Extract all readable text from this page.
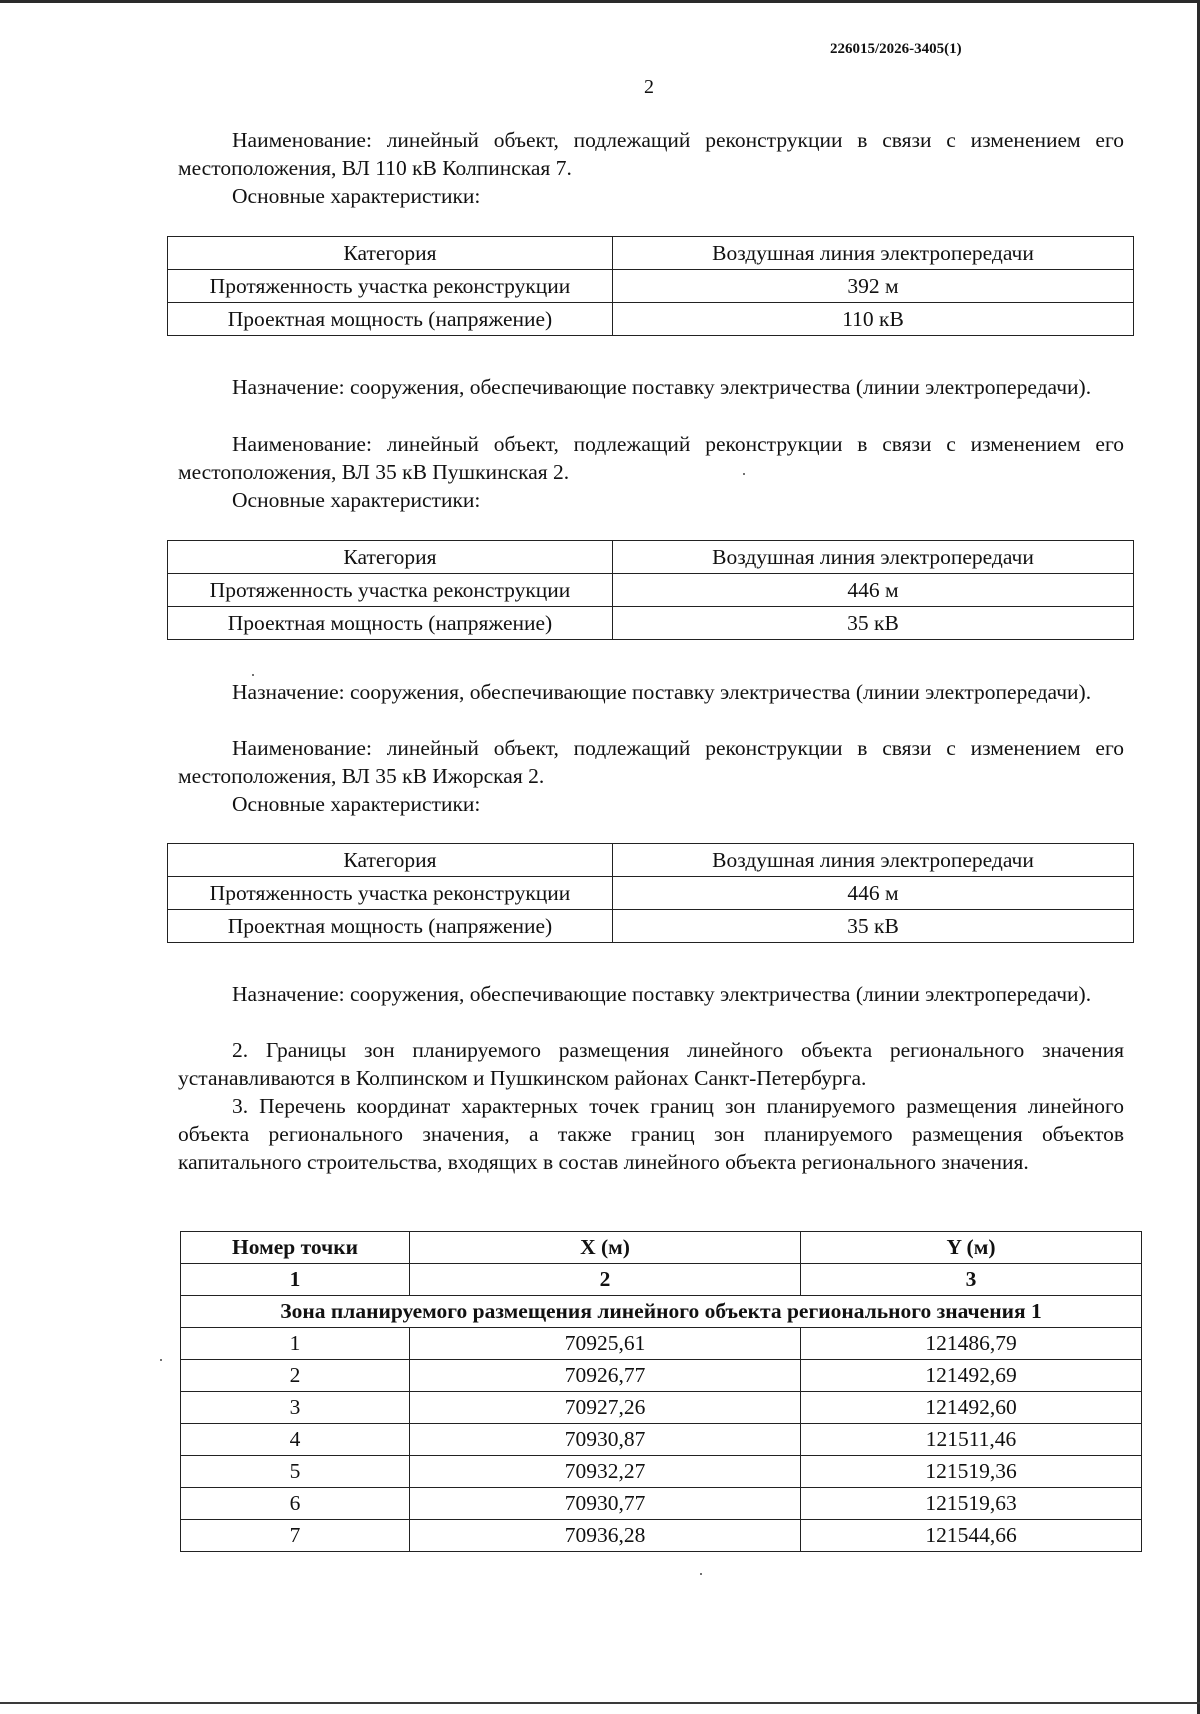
226015/2026-3405(1)
2

Наименование: линейный объект, подлежащий реконструкции в связи с изменением его местоположения, ВЛ 110 кВ Колпинская 7.

Основные характеристики:

Категория	Воздушная линия электропередачи
Протяженность участка реконструкции	392 м
Проектная мощность (напряжение)	110 кВ

Назначение: сооружения, обеспечивающие поставку электричества (линии электропередачи).

Наименование: линейный объект, подлежащий реконструкции в связи с изменением его местоположения, ВЛ 35 кВ Пушкинская 2.

Основные характеристики:

Категория	Воздушная линия электропередачи
Протяженность участка реконструкции	446 м
Проектная мощность (напряжение)	35 кВ

Назначение: сооружения, обеспечивающие поставку электричества (линии электропередачи).

Наименование: линейный объект, подлежащий реконструкции в связи с изменением его местоположения, ВЛ 35 кВ Ижорская 2.

Основные характеристики:

Категория	Воздушная линия электропередачи
Протяженность участка реконструкции	446 м
Проектная мощность (напряжение)	35 кВ

Назначение: сооружения, обеспечивающие поставку электричества (линии электропередачи).

2. Границы зон планируемого размещения линейного объекта регионального значения устанавливаются в Колпинском и Пушкинском районах Санкт-Петербурга.

3. Перечень координат характерных точек границ зон планируемого размещения линейного объекта регионального значения, а также границ зон планируемого размещения объектов капитального строительства, входящих в состав линейного объекта регионального значения.

Номер точки	X (м)	Y (м)
1	2	3
Зона планируемого размещения линейного объекта регионального значения 1		
1	70925,61	121486,79
2	70926,77	121492,69
3	70927,26	121492,60
4	70930,87	121511,46
5	70932,27	121519,36
6	70930,77	121519,63
7	70936,28	121544,66
